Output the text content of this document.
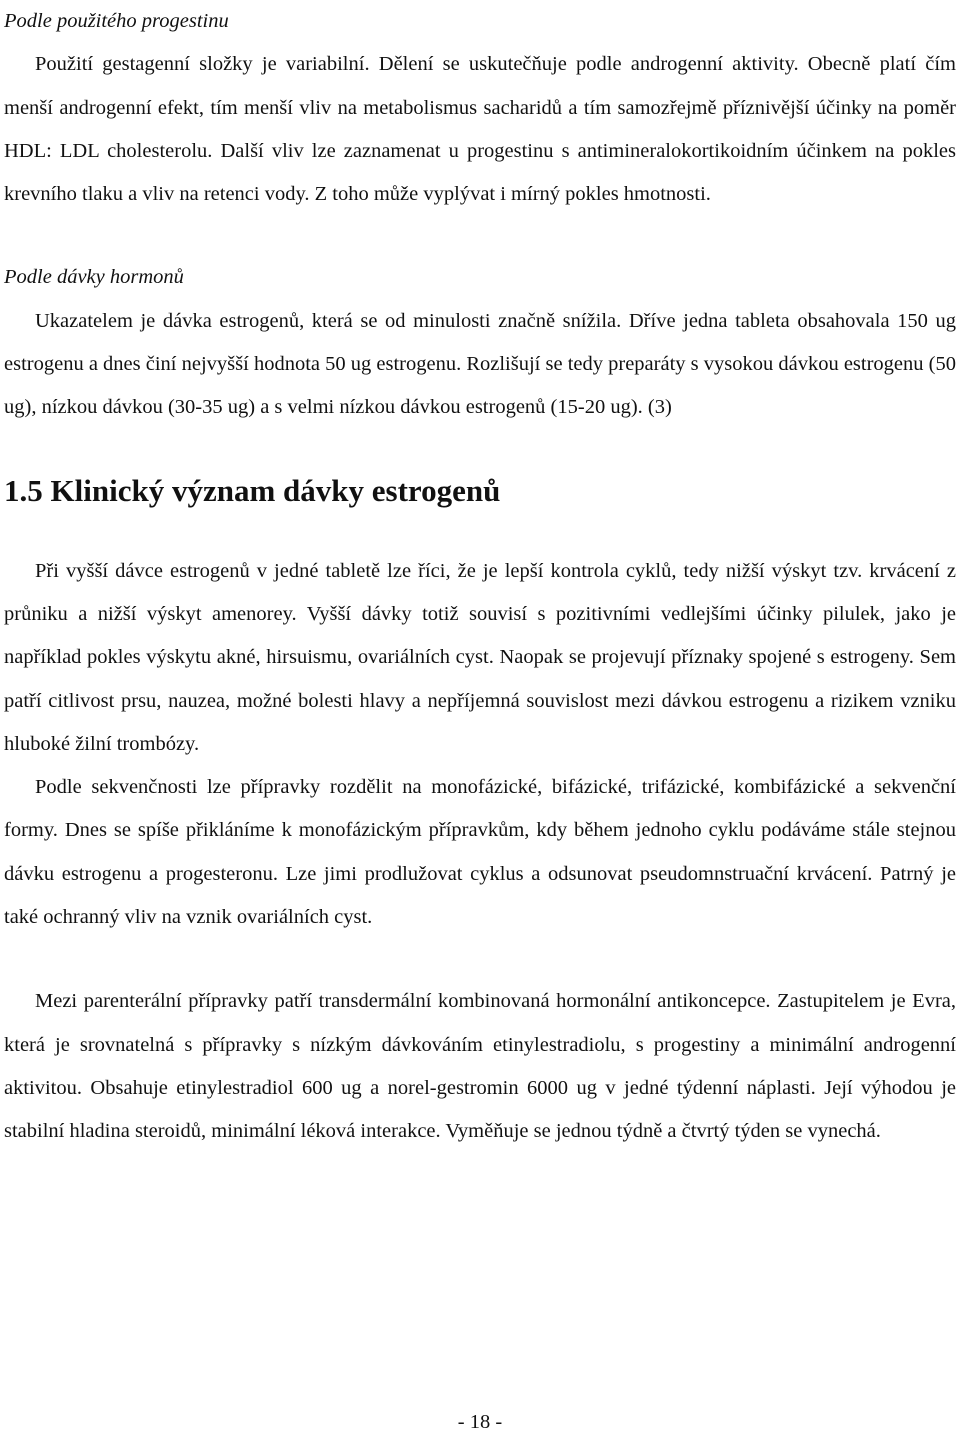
Podle použitého progestinu

Použití gestagenní složky je variabilní. Dělení se uskutečňuje podle androgenní aktivity. Obecně platí čím menší androgenní efekt, tím menší vliv na metabolismus sacharidů a tím samozřejmě příznivější účinky na poměr HDL: LDL cholesterolu. Další vliv lze zaznamenat u progestinu s antimineralokortikoidním účinkem na pokles krevního tlaku a vliv na retenci vody. Z toho může vyplývat i mírný pokles hmotnosti.

Podle dávky hormonů

Ukazatelem je dávka estrogenů, která se od minulosti značně snížila. Dříve jedna tableta obsahovala 150 ug estrogenu a dnes činí nejvyšší hodnota 50 ug estrogenu. Rozlišují se tedy preparáty s vysokou dávkou estrogenu (50 ug), nízkou dávkou (30-35 ug) a s velmi nízkou dávkou estrogenů (15-20 ug). (3)

1.5 Klinický význam dávky estrogenů

Při vyšší dávce estrogenů v jedné tabletě lze říci, že je lepší kontrola cyklů, tedy nižší výskyt tzv. krvácení z průniku a nižší výskyt amenorey. Vyšší dávky totiž souvisí s pozitivními vedlejšími účinky pilulek, jako je například pokles výskytu akné, hirsuismu, ovariálních cyst. Naopak se projevují příznaky spojené s estrogeny. Sem patří citlivost prsu, nauzea, možné bolesti hlavy a nepříjemná souvislost mezi dávkou estrogenu a rizikem vzniku hluboké žilní trombózy.

Podle sekvenčnosti lze přípravky rozdělit na monofázické, bifázické, trifázické, kombifázické a sekvenční formy. Dnes se spíše přikláníme k monofázickým přípravkům, kdy během jednoho cyklu podáváme stále stejnou dávku estrogenu a progesteronu. Lze jimi prodlužovat cyklus a odsunovat pseudomnstruační krvácení. Patrný je také ochranný vliv na vznik ovariálních cyst.

Mezi parenterální přípravky patří transdermální kombinovaná hormonální antikoncepce. Zastupitelem je Evra, která je srovnatelná s přípravky s nízkým dávkováním etinylestradiolu, s progestiny a minimální androgenní aktivitou. Obsahuje etinylestradiol 600 ug a norel-gestromin 6000 ug v jedné týdenní náplasti. Její výhodou je stabilní hladina steroidů, minimální léková interakce. Vyměňuje se jednou týdně a čtvrtý týden se vynechá.

- 18 -
